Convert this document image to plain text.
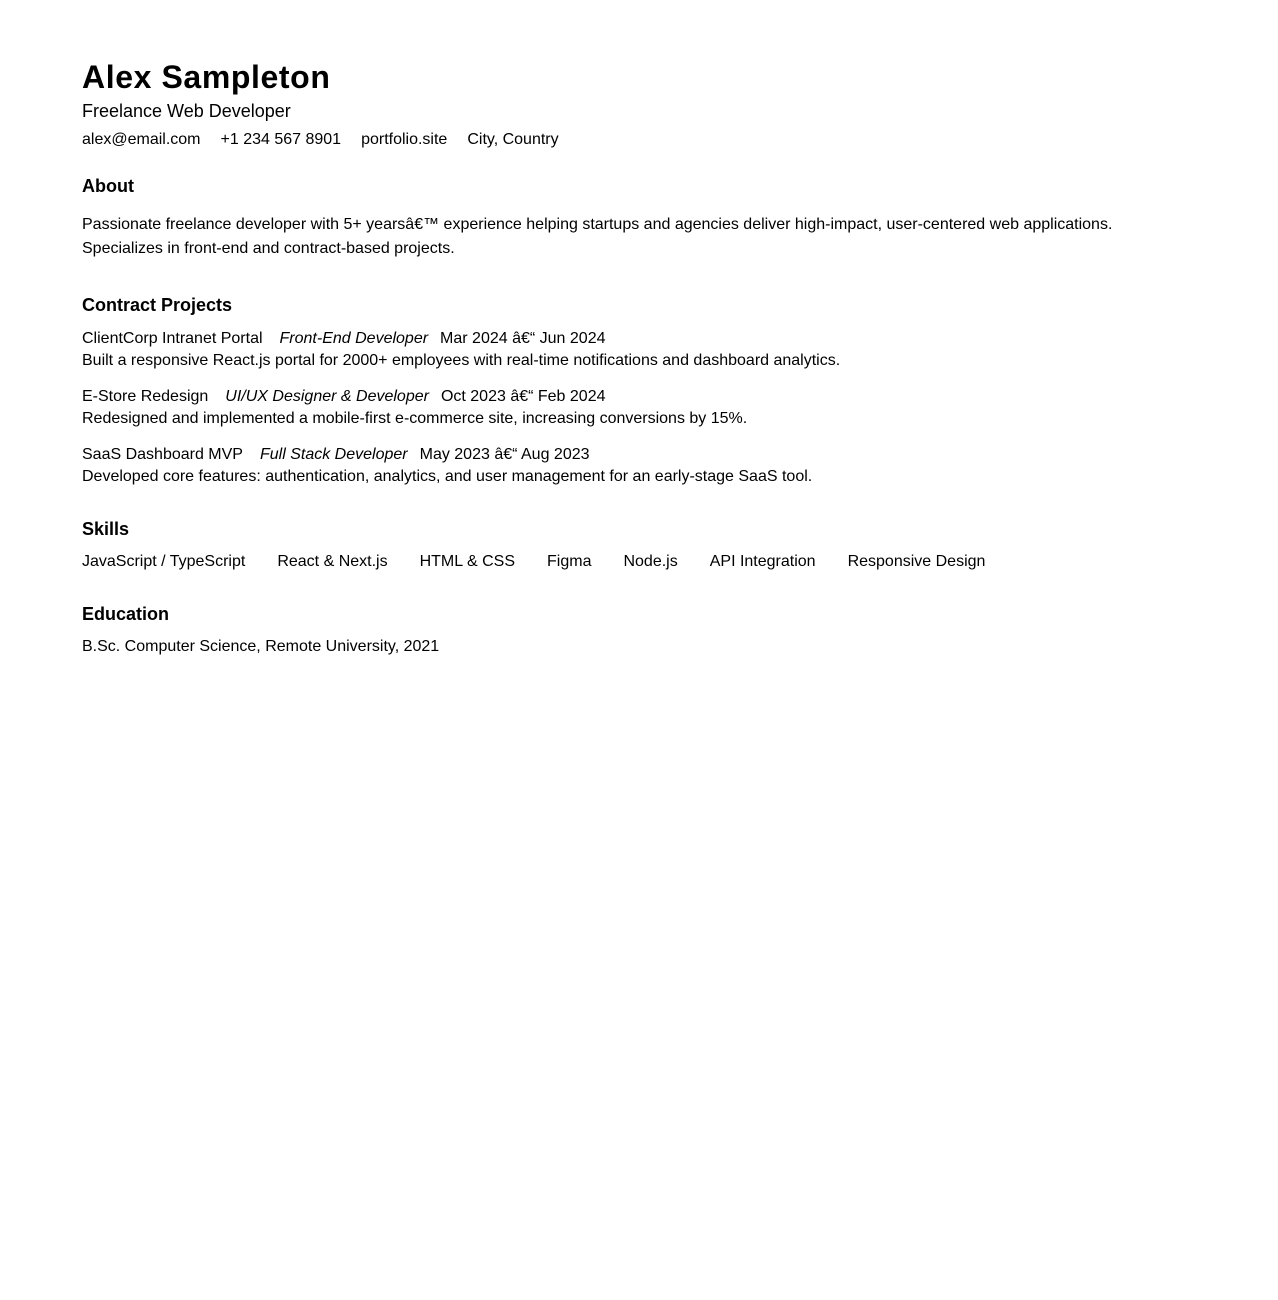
Alex Sampleton
Freelance Web Developer
alex@email.com +1 234 567 8901 portfolio.site City, Country
About
Passionate freelance developer with 5+ yearsâ€™ experience helping startups and agencies deliver high-impact, user-centered web applications. Specializes in front-end and contract-based projects.
Contract Projects
ClientCorp Intranet Portal Front-End Developer Mar 2024 â€“ Jun 2024
Built a responsive React.js portal for 2000+ employees with real-time notifications and dashboard analytics.
E-Store Redesign UI/UX Designer & Developer Oct 2023 â€“ Feb 2024
Redesigned and implemented a mobile-first e-commerce site, increasing conversions by 15%.
SaaS Dashboard MVP Full Stack Developer May 2023 â€“ Aug 2023
Developed core features: authentication, analytics, and user management for an early-stage SaaS tool.
Skills
JavaScript / TypeScript React & Next.js HTML & CSS Figma Node.js API Integration Responsive Design
Education
B.Sc. Computer Science, Remote University, 2021
